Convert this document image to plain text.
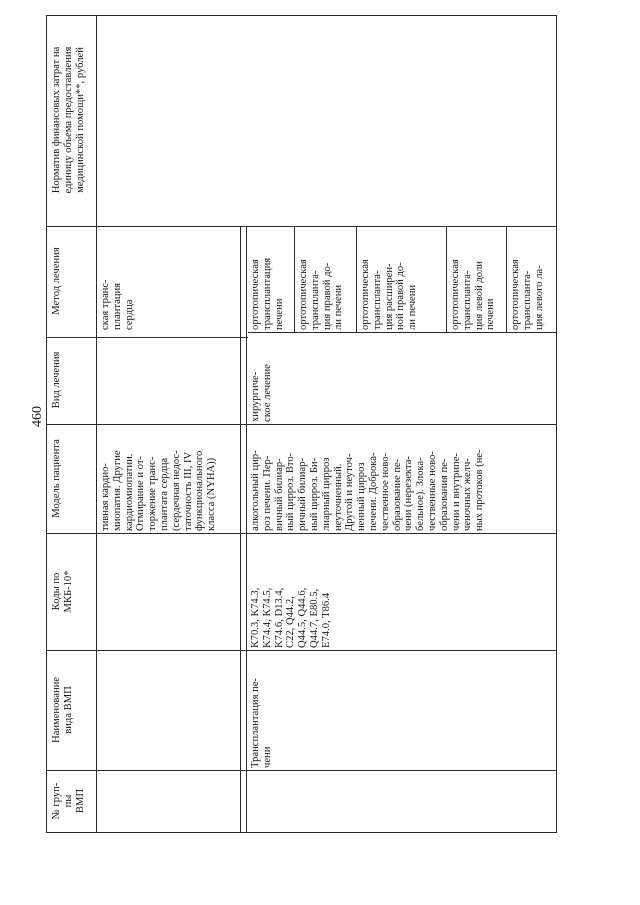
460
№ груп-
пы
ВМП
Наименование
вида ВМП
Коды по
МКБ-10*
Модель пациента
Вид лечения
Метод лечения
Норматив финансовых затрат на
единицу объема предоставления
медицинской помощи**, рублей
тивная кардио-
миопатия. Другие
кардиомиопатии.
Отмирание и от-
торжение транс-
плантата сердца
(сердечная недос-
таточность III, IV
функционального
класса (NYHA))
ская транс-
плантация
сердца
Трансплантация пе-
чени
K70.3, K74.3,
K74.4, K74.5,
K74.6, D13.4,
C22, Q44.2,
Q44.5, Q44.6,
Q44.7, E80.5,
E74.0, T86.4
алкогольный цир-
роз печени. Пер-
вичный билиар-
ный цирроз. Вто-
ричный билиар-
ный цирроз. Би-
лиарный цирроз
неуточненный.
Другой и неуточ-
ненный цирроз
печени. Доброка-
чественное ново-
образование пе-
чени (нерезекта-
бельное). Злока-
чественные ново-
образования пе-
чени и внутрипе-
ченочных желч-
ных протоков (не-
хирургиче-
ское лечение
ортотопическая
трансплантация
печени ортотопическая
трансплантa-
ция правой до-
ли печени ортотопическая
трансплантa-
ция расширен-
ной правой до-
ли печени	ортотопическая
трансплантa-
ция левой доли
печени ортотопическая
трансплантa-
ция левого ла-
